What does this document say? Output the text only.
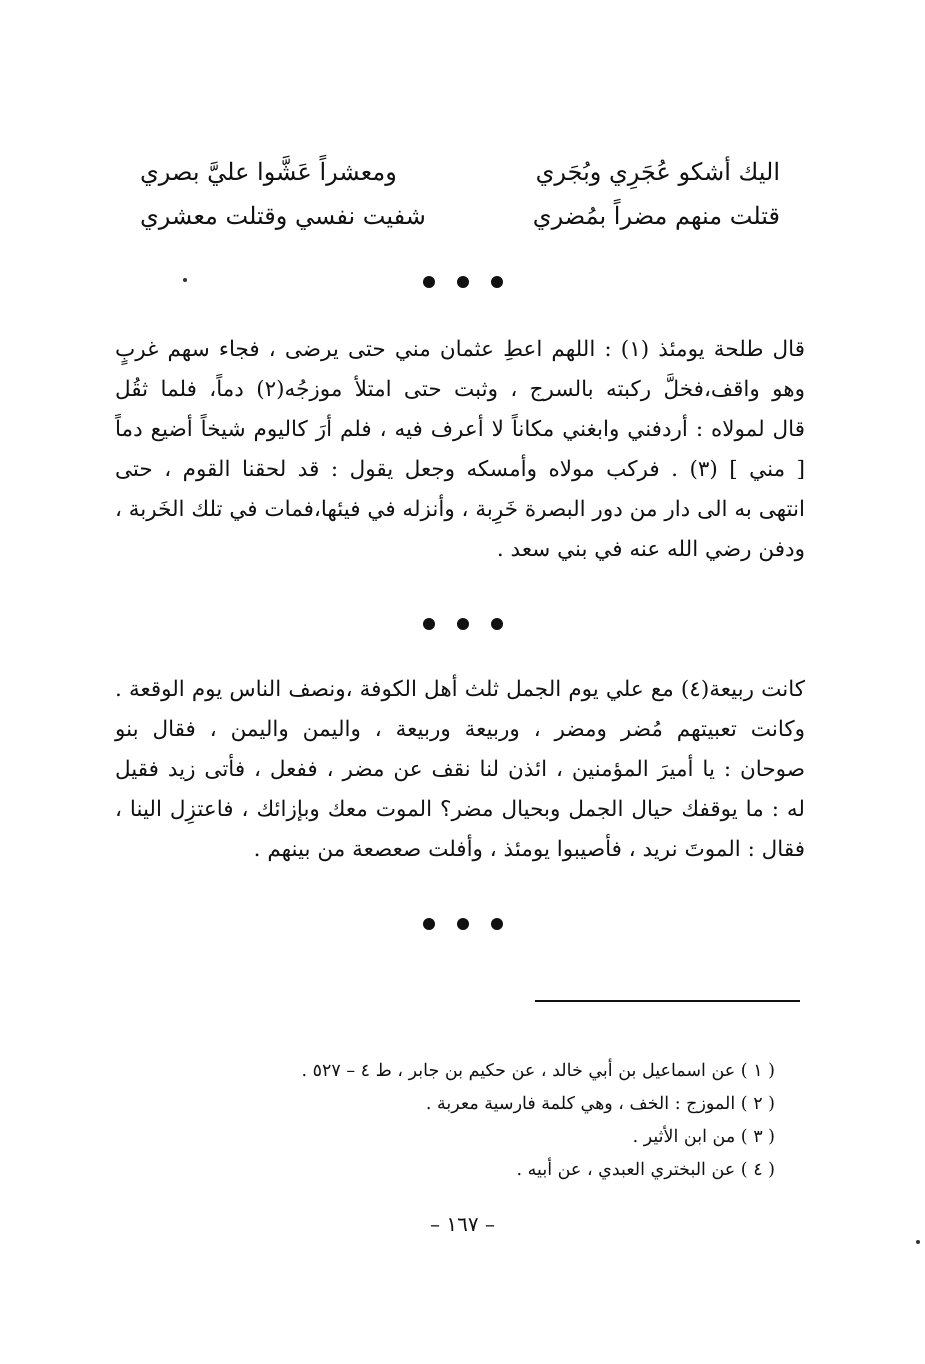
اليك أشكو عُجَرِي وبُجَري
ومعشراً عَشَّوا عليَّ بصري
قتلت منهم مضراً بمُضري
شفيت نفسي وقتلت معشري
قال طلحة يومئذ (١) : اللهم اعطِ عثمان مني حتى يرضى ، فجاء سهم غربٍ
وهو واقف،فخلَّ ركبته بالسرج ، وثبت حتى امتلأ موزجُه(٢) دماً، فلما ثقُل
قال لمولاه : أردفني وابغني مكاناً لا أعرف فيه ، فلم أرَ كاليوم شيخاً أضيع دماً
[ مني ] (٣) . فركب مولاه وأمسكه وجعل يقول : قد لحقنا القوم ، حتى
انتهى به الى دار من دور البصرة خَرِبة ، وأنزله في فيئها،فمات في تلك الخَربة ،
ودفن رضي الله عنه في بني سعد .
كانت ربيعة(٤) مع علي يوم الجمل ثلث أهل الكوفة ،ونصف الناس يوم الوقعة .
وكانت تعبيتهم مُضر ومضر ، وربيعة وربيعة ، واليمن واليمن ، فقال بنو
صوحان : يا أميرَ المؤمنين ، ائذن لنا نقف عن مضر ، ففعل ، فأتى زيد فقيل
له : ما يوقفك حيال الجمل وبحيال مضر؟ الموت معك وبإزائك ، فاعتزِل الينا ،
فقال : الموتَ نريد ، فأصيبوا يومئذ ، وأفلت صعصعة من بينهم .
( ١ ) عن اسماعيل بن أبي خالد ، عن حكيم بن جابر ، ط ٤ – ٥٢٧ .
( ٢ ) الموزج : الخف ، وهي كلمة فارسية معربة .
( ٣ ) من ابن الأثير .
( ٤ ) عن البختري العبدي ، عن أبيه .
– ١٦٧ –
